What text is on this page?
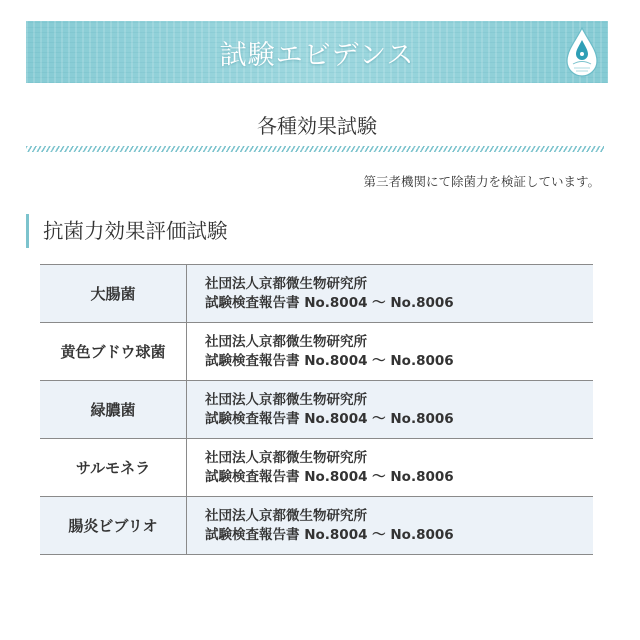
試験エビデンス
各種効果試験
第三者機関にて除菌力を検証しています。
抗菌力効果評価試験
大腸菌
社団法人京都微生物研究所
試験検査報告書 No.8004 ～ No.8006
黄色ブドウ球菌
社団法人京都微生物研究所
試験検査報告書 No.8004 ～ No.8006
緑膿菌
社団法人京都微生物研究所
試験検査報告書 No.8004 ～ No.8006
サルモネラ
社団法人京都微生物研究所
試験検査報告書 No.8004 ～ No.8006
腸炎ビブリオ
社団法人京都微生物研究所
試験検査報告書 No.8004 ～ No.8006
